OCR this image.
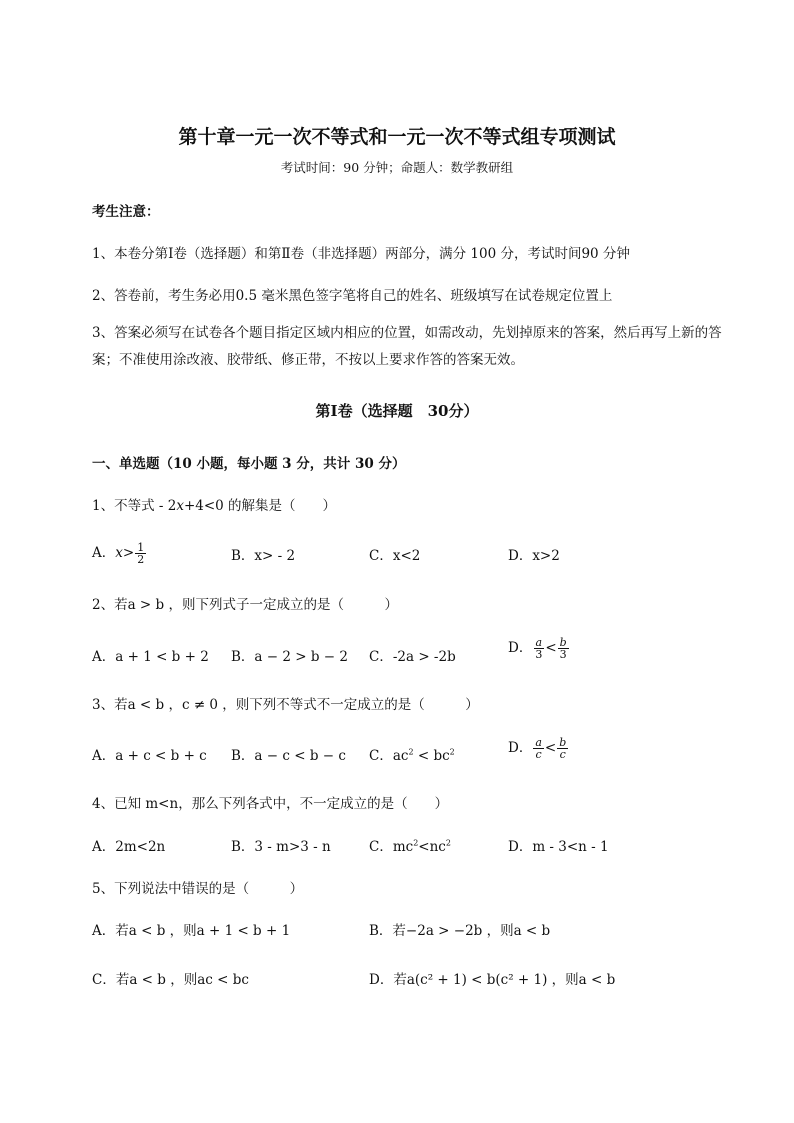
第十章一元一次不等式和一元一次不等式组专项测试
考试时间：90 分钟；命题人：数学教研组
考生注意：
1、本卷分第Ⅰ卷（选择题）和第Ⅱ卷（非选择题）两部分，满分 100 分，考试时间90 分钟
2、答卷前，考生务必用0.5 毫米黑色签字笔将自己的姓名、班级填写在试卷规定位置上
3、答案必须写在试卷各个题目指定区域内相应的位置，如需改动，先划掉原来的答案，然后再写上新的答案；不准使用涂改液、胶带纸、修正带，不按以上要求作答的答案无效。
第Ⅰ卷（选择题　30分）
一、单选题（10 小题，每小题 3 分，共计 30 分）
1、不等式 - 2x+4<0 的解集是（　　）
A．$x> \frac{1}{2}$	B．x> - 2	C．x<2	D．x>2
2、若a > b ，则下列式子一定成立的是（　　　）
A．a + 1 < b + 2 B．a − 2 > b − 2 C．-2a > -2b
D． $\frac{a}{3} < \frac{b}{3}$
3、若a < b ，c ≠ 0 ，则下列不等式不一定成立的是（　　　）
A．a + c < b + c B．a − c < b − c C．$ac^2 < bc^2$	D． $\frac{a}{c} < \frac{b}{c}$
4、已知 m<n，那么下列各式中，不一定成立的是（　　）
A．2m<2n	B．3 - m>3 - n	C．$mc^2<nc^2$	D．m - 3<n - 1
5、下列说法中错误的是（　　　）
A．若a < b ，则a + 1 < b + 1	B．若−2a > −2b ，则a < b
C．若a < b ，则ac < bc	D．若a(c² + 1) < b(c² + 1) ，则a < b
